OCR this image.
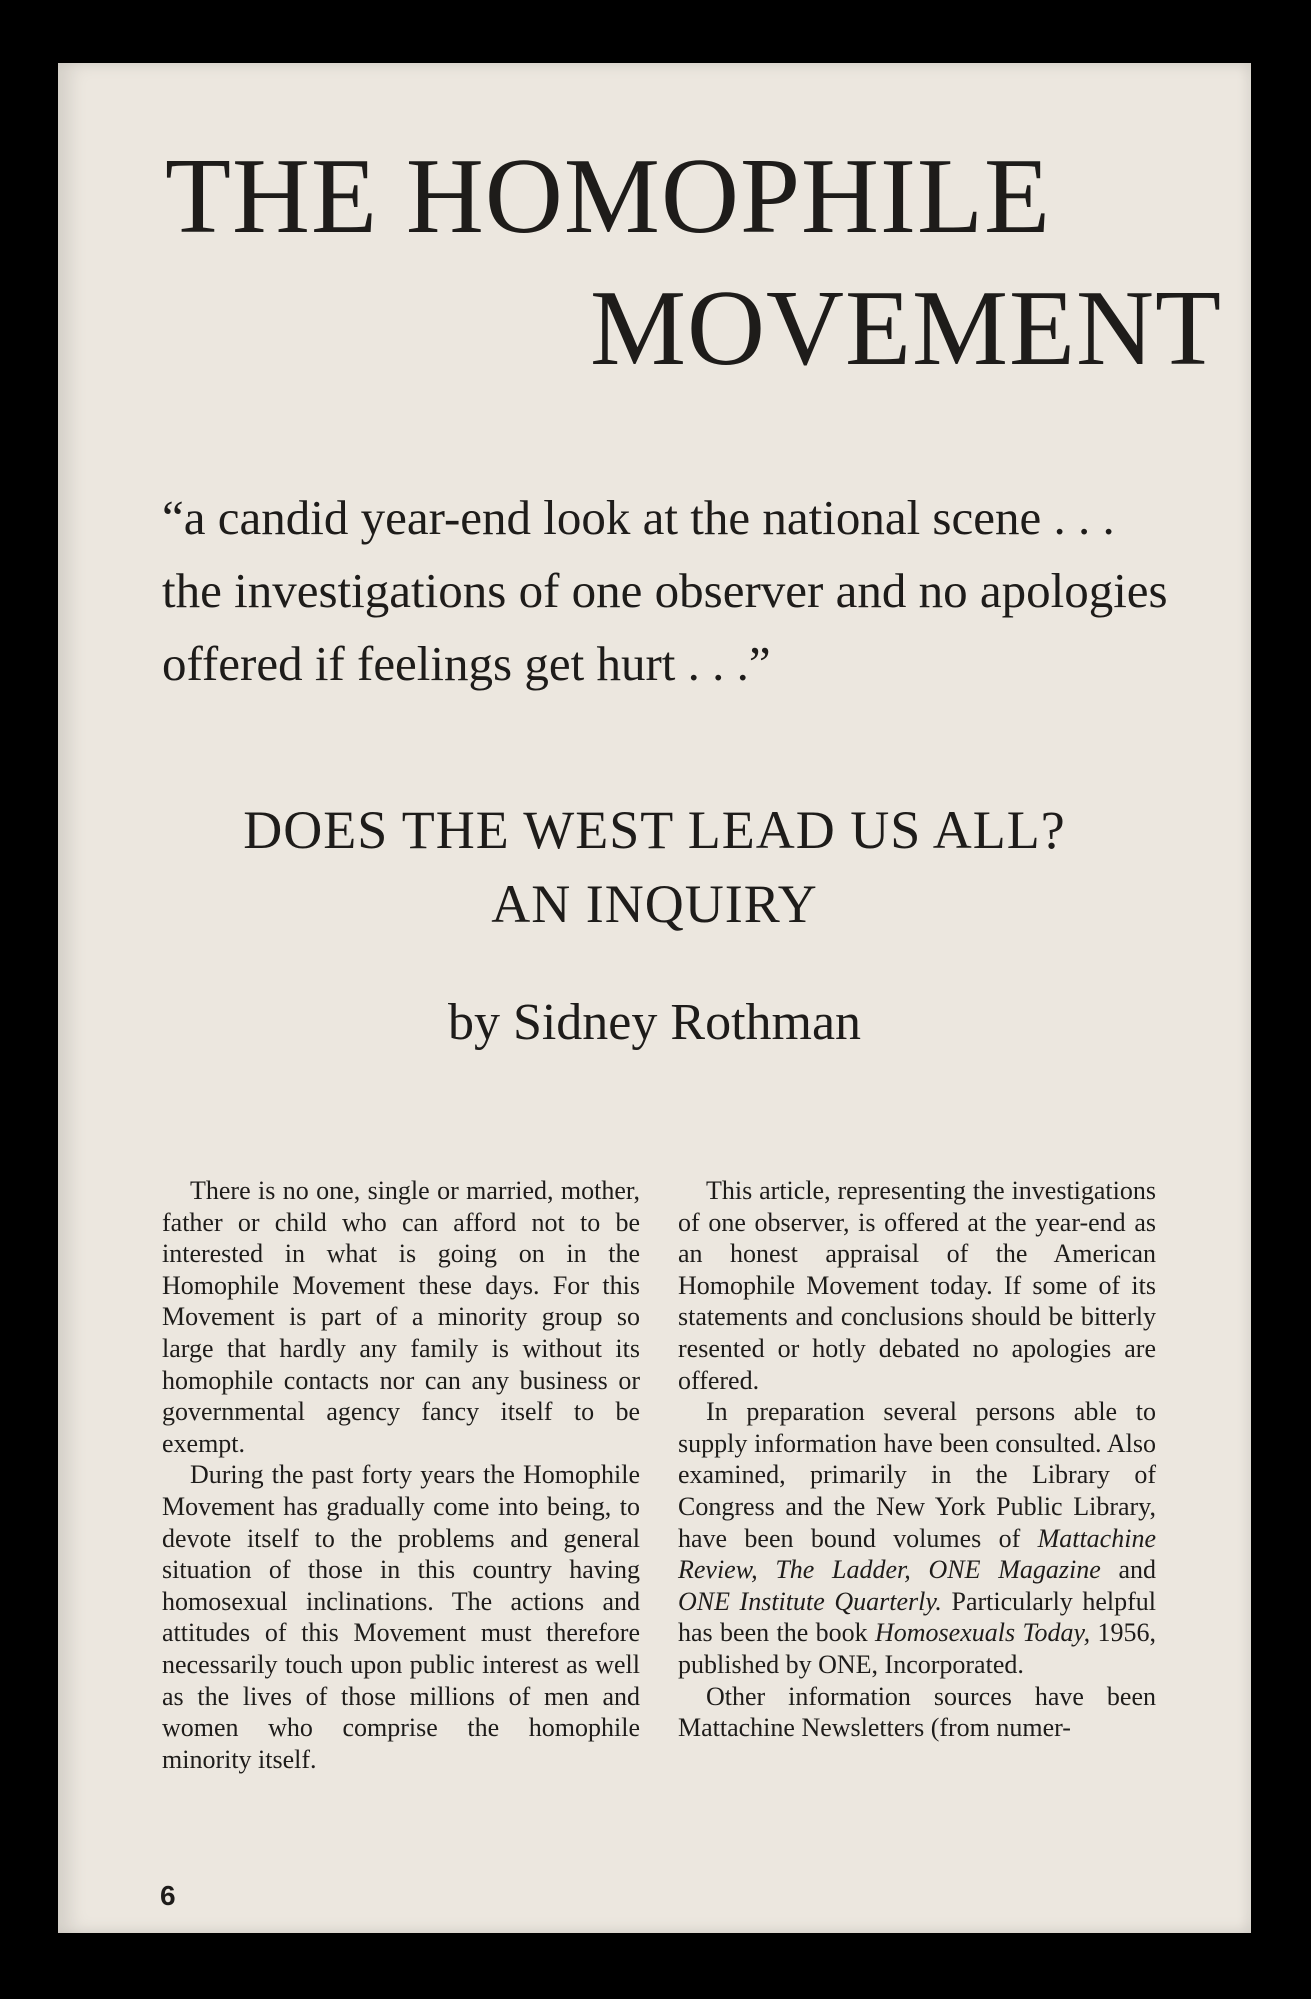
THE HOMOPHILE
MOVEMENT
“a candid year-end look at the national scene . . .
the investigations of one observer and no apologies
offered if feelings get hurt . . .”
DOES THE WEST LEAD US ALL?
AN INQUIRY
by Sidney Rothman

There is no one, single or married, mother, father or child who can afford not to be interested in what is going on in the Homophile Movement these days. For this Movement is part of a minority group so large that hardly any family is without its homophile contacts nor can any business or governmental agency fancy itself to be exempt.

During the past forty years the Homophile Movement has gradually come into being, to devote itself to the problems and general situation of those in this country having homosexual inclinations. The actions and attitudes of this Movement must therefore necessarily touch upon public interest as well as the lives of those millions of men and women who comprise the homophile minority itself.

This article, representing the investigations of one observer, is offered at the year-end as an honest appraisal of the American Homophile Movement today. If some of its statements and conclusions should be bitterly resented or hotly debated no apologies are offered.

In preparation several persons able to supply information have been consulted. Also examined, primarily in the Library of Congress and the New York Public Library, have been bound volumes of Mattachine Review, The Ladder, ONE Magazine and ONE Institute Quarterly. Particularly helpful has been the book Homosexuals Today, 1956, published by ONE, Incorporated.

Other information sources have been Mattachine Newsletters (from numer-

6
